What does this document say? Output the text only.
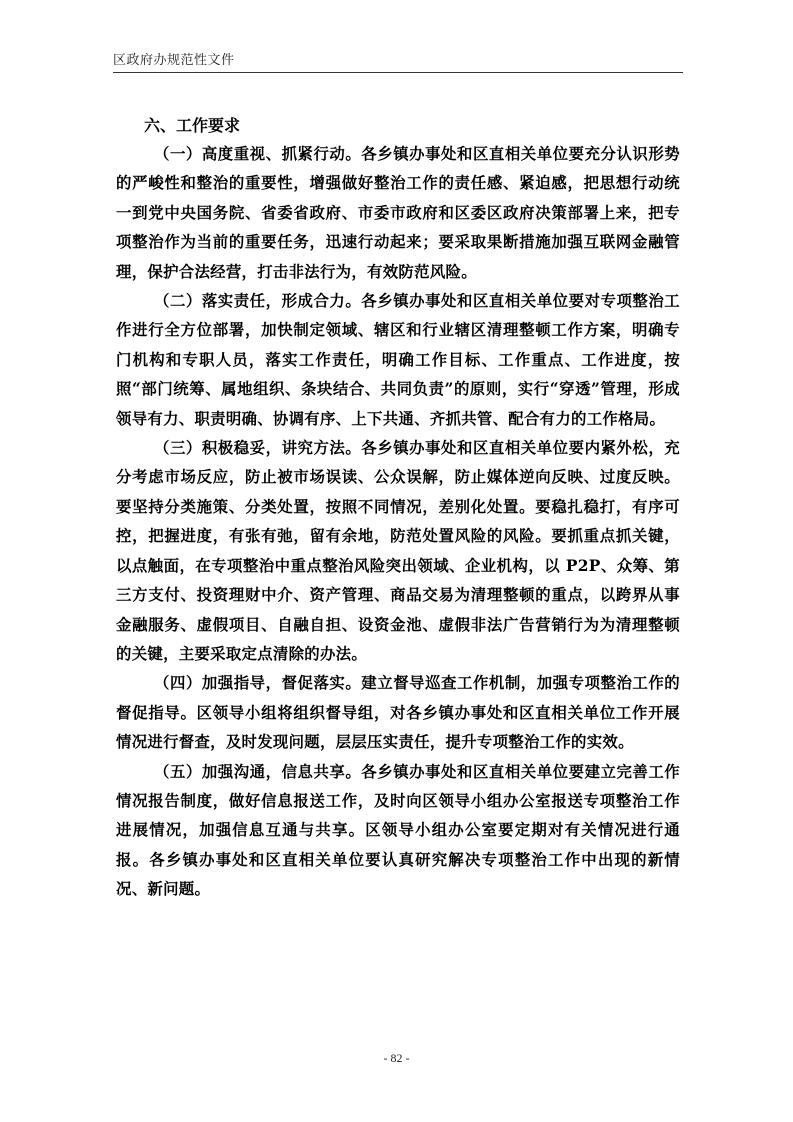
区政府办规范性文件
六、工作要求

（一）高度重视、抓紧行动。各乡镇办事处和区直相关单位要充分认识形势的严峻性和整治的重要性，增强做好整治工作的责任感、紧迫感，把思想行动统一到党中央国务院、省委省政府、市委市政府和区委区政府决策部署上来，把专项整治作为当前的重要任务，迅速行动起来；要采取果断措施加强互联网金融管理，保护合法经营，打击非法行为，有效防范风险。

（二）落实责任，形成合力。各乡镇办事处和区直相关单位要对专项整治工作进行全方位部署，加快制定领域、辖区和行业辖区清理整顿工作方案，明确专门机构和专职人员，落实工作责任，明确工作目标、工作重点、工作进度，按照“部门统筹、属地组织、条块结合、共同负责”的原则，实行“穿透”管理，形成领导有力、职责明确、协调有序、上下共通、齐抓共管、配合有力的工作格局。

（三）积极稳妥，讲究方法。各乡镇办事处和区直相关单位要内紧外松，充分考虑市场反应，防止被市场误读、公众误解，防止媒体逆向反映、过度反映。要坚持分类施策、分类处置，按照不同情况，差别化处置。要稳扎稳打，有序可控，把握进度，有张有弛，留有余地，防范处置风险的风险。要抓重点抓关键，以点触面，在专项整治中重点整治风险突出领域、企业机构，以 P2P、众筹、第三方支付、投资理财中介、资产管理、商品交易为清理整顿的重点，以跨界从事金融服务、虚假项目、自融自担、设资金池、虚假非法广告营销行为为清理整顿的关键，主要采取定点清除的办法。

（四）加强指导，督促落实。建立督导巡查工作机制，加强专项整治工作的督促指导。区领导小组将组织督导组，对各乡镇办事处和区直相关单位工作开展情况进行督查，及时发现问题，层层压实责任，提升专项整治工作的实效。

（五）加强沟通，信息共享。各乡镇办事处和区直相关单位要建立完善工作情况报告制度，做好信息报送工作，及时向区领导小组办公室报送专项整治工作进展情况，加强信息互通与共享。区领导小组办公室要定期对有关情况进行通报。各乡镇办事处和区直相关单位要认真研究解决专项整治工作中出现的新情况、新问题。

- 82 -
